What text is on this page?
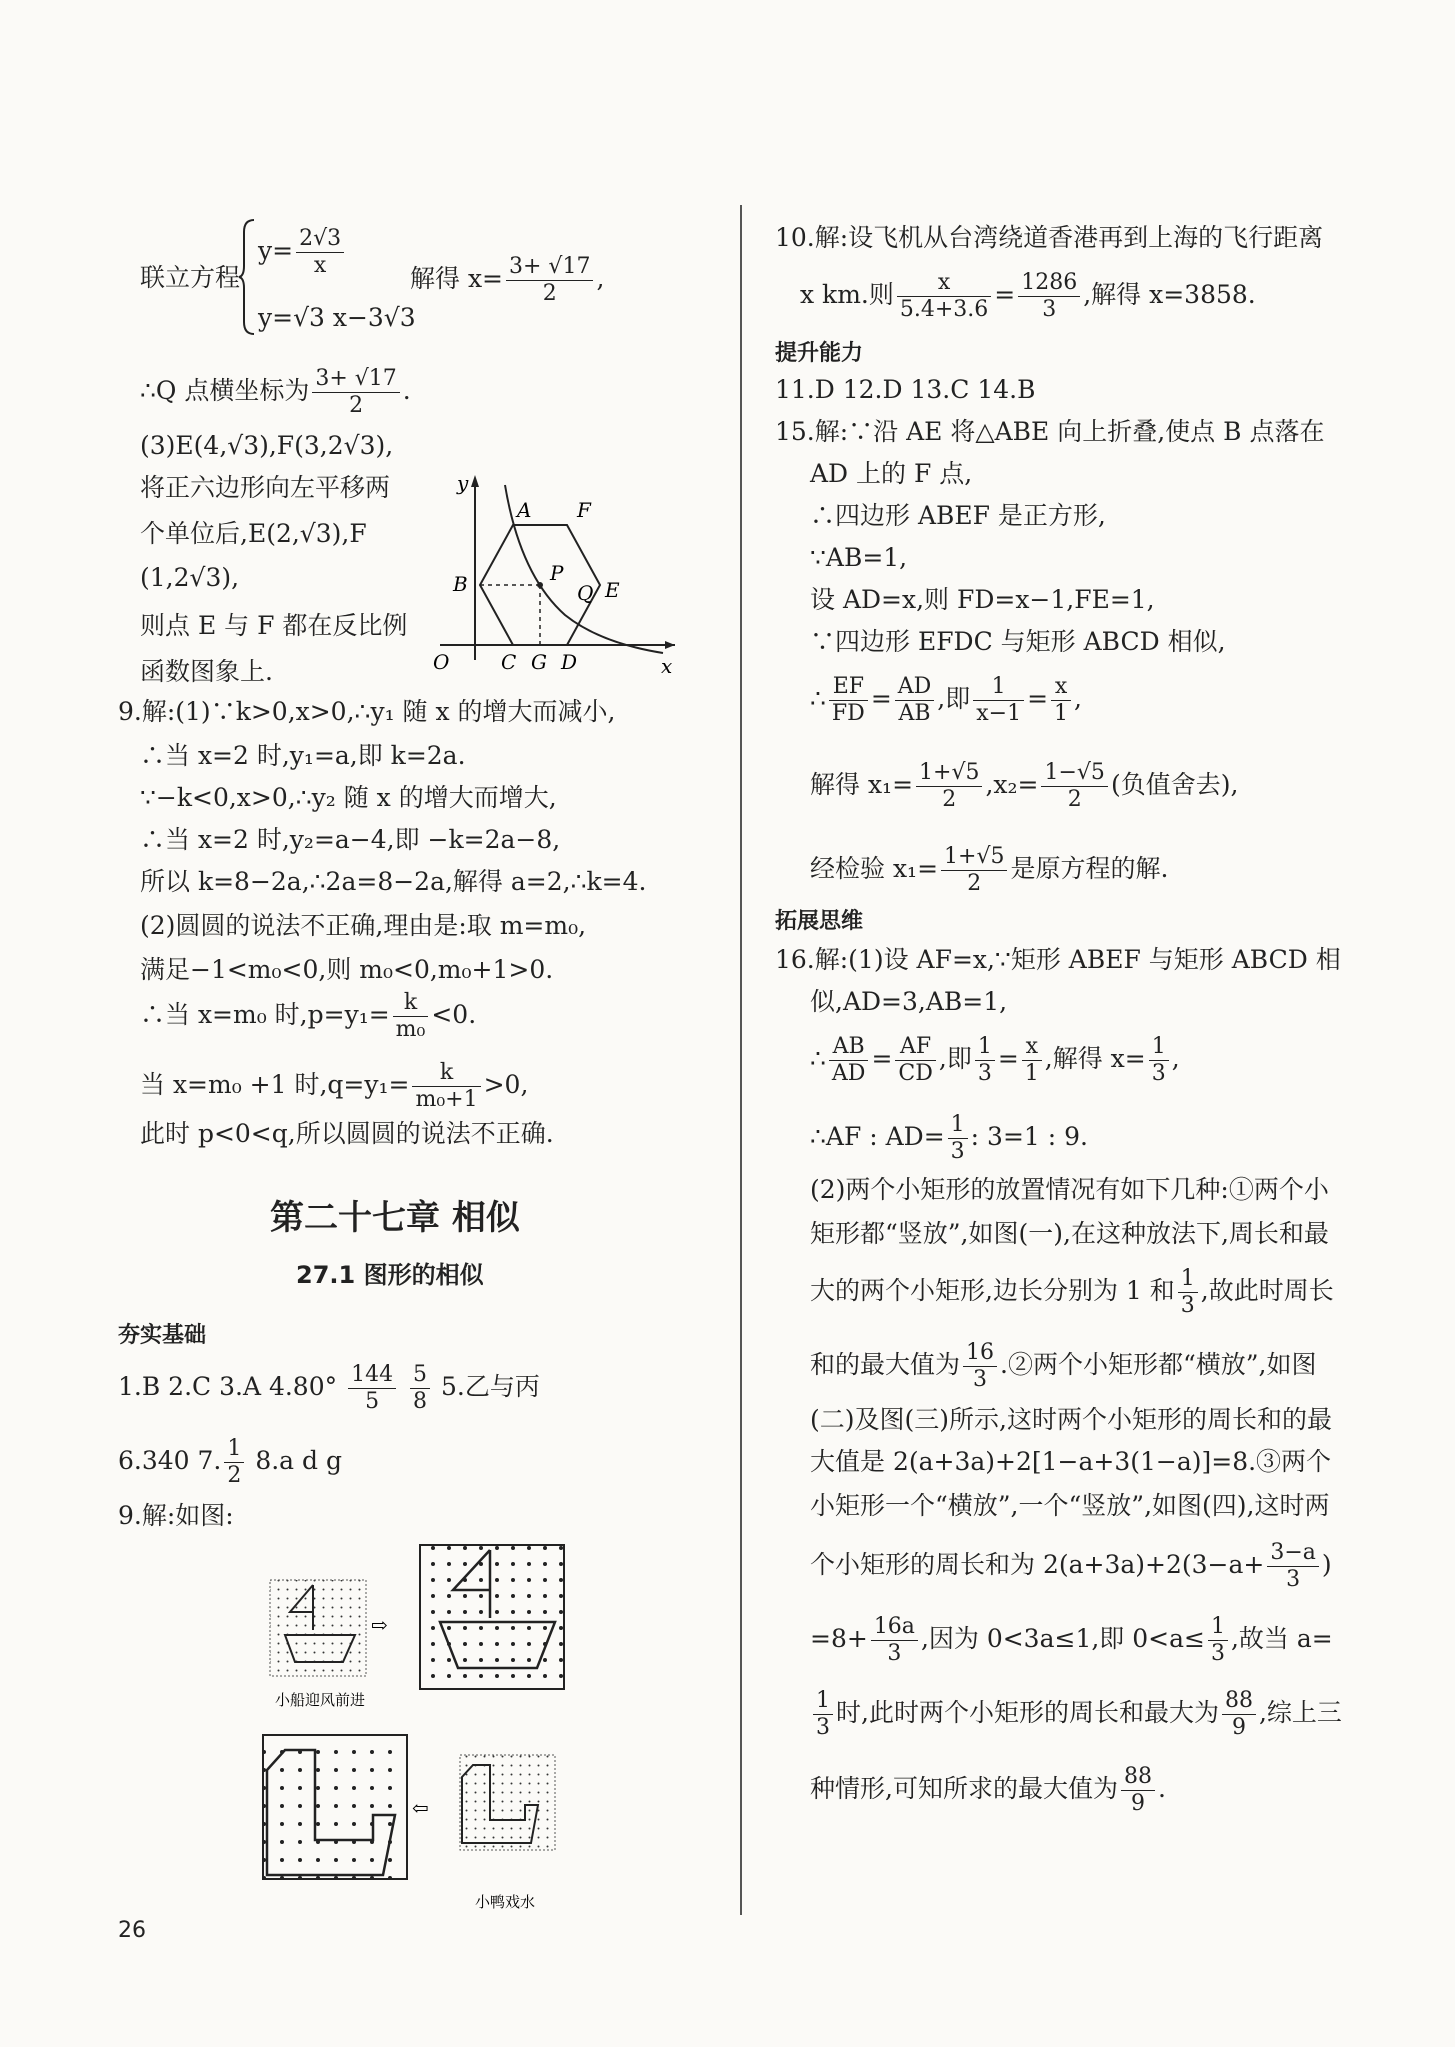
联立方程
$y= \frac{2√3}{x}$
y=√3 x−3√3
解得 $x= \frac{3+ √17}{2}$ ,
∴Q 点横坐标为 $\frac{3+ √17}{2}$ .
(3)E(4,√3),F(3,2√3),
将正六边形向左平移两
个单位后,E(2,√3),F
(1,2√3),
则点 E 与 F 都在反比例
函数图象上.
y
A F
B	P
Q E
O	C G D	x
9.解:(1)∵k>0,x>0,∴y₁ 随 x 的增大而减小,
∴当 x=2 时,y₁=a,即 k=2a.
∵−k<0,x>0,∴y₂ 随 x 的增大而增大,
∴当 x=2 时,y₂=a−4,即 −k=2a−8,
所以 k=8−2a,∴2a=8−2a,解得 a=2,∴k=4.
(2)圆圆的说法不正确,理由是:取 m=m₀,
满足−1<m₀<0,则 m₀<0,m₀+1>0.
∴当 x=m₀ 时$,p=y_1= \frac{k}{\text{m₀}} <0$.
当 x=m₀ +1 时$,q=y_1= \frac{k}{\text{m₀+1}} >0$,
此时 p<0<q,所以圆圆的说法不正确.
第二十七章 相似
27.1 图形的相似
夯实基础
1.B 2.C 3.A $4.80^\circ \frac{144}{5}$
$\frac{5}{8} 5$.乙与丙
6.340 7. $\frac{1}{2} 8.a$ d g
9.解:如图:
⇨
小船迎风前进
⇦
小鸭戏水
26
10.解:设飞机从台湾绕道香港再到上海的飞行距离
x km.则 $\frac{x}{5.4+3.6} = \frac{1286}{3}$ ,解得 x=3858.
提升能力
11.D 12.D 13.C 14.B
15.解:∵沿 AE 将△ABE 向上折叠,使点 B 点落在
AD 上的 F 点,
∴四边形 ABEF 是正方形,
∵AB=1,
设 AD=x,则 FD=x−1,FE=1,
∵四边形 EFDC 与矩形 ABCD 相似,
∴ $\frac{EF}{FD} = \frac{AD}{AB}$ ,即 $\frac{1}{x-1} = \frac{x}{1}$ ,
解得 $x_1= \frac{1+√5}{2} ,x_2= \frac{1-√5}{2}$ (负值舍去),
经检验 $x_1= \frac{1+√5}{2}$ 是原方程的解.
拓展思维
16.解:(1)设 AF=x,∵矩形 ABEF 与矩形 ABCD 相
似,AD=3,AB=1,
∴ $\frac{AB}{AD} = \frac{AF}{CD}$ ,即 $\frac{1}{3} = \frac{x}{1}$ ,解得 $x= \frac{1}{3}$ ,
∴AF : $AD= \frac{1}{3}$ : 3=1 : 9.
(2)两个小矩形的放置情况有如下几种:①两个小
矩形都“竖放”,如图(一),在这种放法下,周长和最
大的两个小矩形,边长分别为 1 和 $\frac{1}{3}$ ,故此时周长
和的最大值为 $\frac{16}{3}$ .②两个小矩形都“横放”,如图
(二)及图(三)所示,这时两个小矩形的周长和的最
大值是 2(a+3a)+2[1−a+3(1−a)]=8.③两个
小矩形一个“横放”,一个“竖放”,如图(四),这时两
个小矩形的周长和为 $2(a+3a)+2(3-a+ \frac{3-a}{3}$ )
$=8+ \frac{16a}{3}$ ,因为 0<3a≤1,即 $0<a\le \frac{1}{3}$ ,故当 a=
$\frac{1}{3}$ 时,此时两个小矩形的周长和最大为 $\frac{88}{9}$ ,综上三
种情形,可知所求的最大值为 $\frac{88}{9}$ .
